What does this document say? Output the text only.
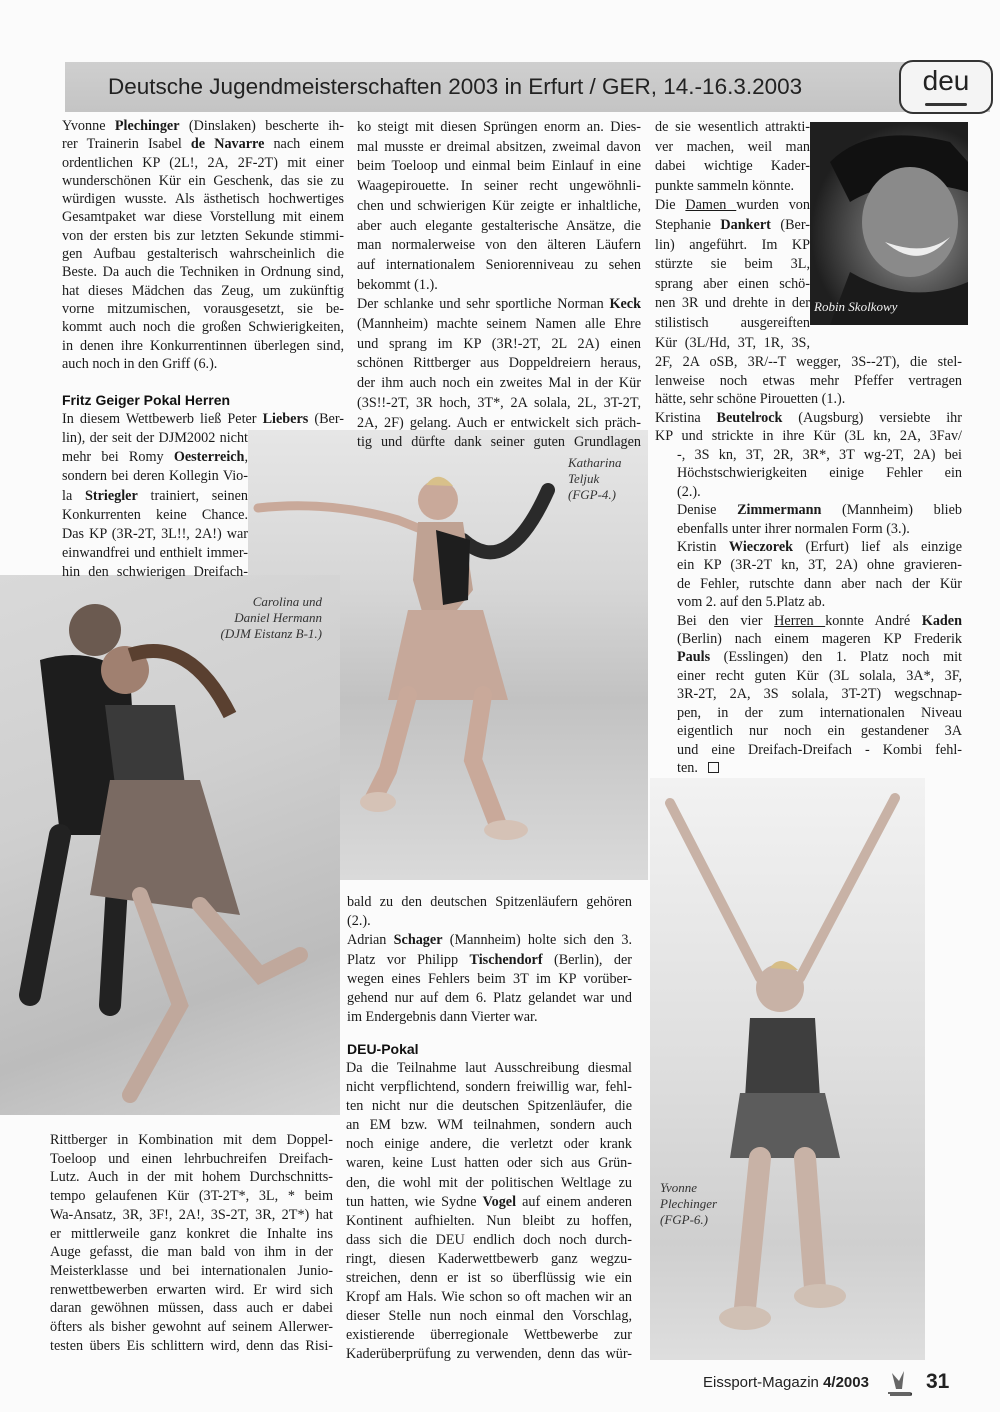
Deutsche Jugendmeisterschaften 2003 in Erfurt / GER, 14.-16.3.2003	deu
Robin Skolkowy
Katharina
Teljuk
(FGP-4.)
Carolina und
Daniel Hermann
(DJM Eistanz B-1.)
Yvonne
Plechinger
(FGP-6.)
Fritz Geiger Pokal Herren
DEU-Pokal
Yvonne Plechinger (Dinslaken) bescherte ih-
rer Trainerin Isabel de Navarre nach einem
ordentlichen KP (2L!, 2A, 2F-2T) mit einer
wunderschönen Kür ein Geschenk, das sie zu
würdigen wusste. Als ästhetisch hochwertiges
Gesamtpaket war diese Vorstellung mit einem
von der ersten bis zur letzten Sekunde stimmi-
gen Aufbau gestalterisch wahrscheinlich die
Beste. Da auch die Techniken in Ordnung sind,
hat dieses Mädchen das Zeug, um zukünftig
vorne mitzumischen, vorausgesetzt, sie be-
kommt auch noch die großen Schwierigkeiten,
in denen ihre Konkurrentinnen überlegen sind,
auch noch in den Griff (6.).
In diesem Wettbewerb ließ Peter Liebers (Ber-
lin), der seit der DJM2002 nicht
mehr bei Romy Oesterreich,
sondern bei deren Kollegin Vio-
la Striegler trainiert, seinen
Konkurrenten keine Chance.
Das KP (3R-2T, 3L!!, 2A!) war
einwandfrei und enthielt immer-
hin den schwierigen Dreifach-
Rittberger in Kombination mit dem Doppel-
Toeloop und einen lehrbuchreifen Dreifach-
Lutz. Auch in der mit hohem Durchschnitts-
tempo gelaufenen Kür (3T-2T*, 3L, * beim
Wa-Ansatz, 3R, 3F!, 2A!, 3S-2T, 3R, 2T*) hat
er mittlerweile ganz konkret die Inhalte ins
Auge gefasst, die man bald von ihm in der
Meisterklasse und bei internationalen Junio-
renwettbewerben erwarten wird. Er wird sich
daran gewöhnen müssen, dass auch er dabei
öfters als bisher gewohnt auf seinem Allerwer-
testen übers Eis schlittern wird, denn das Risi-
ko steigt mit diesen Sprüngen enorm an. Dies-
mal musste er dreimal absitzen, zweimal davon
beim Toeloop und einmal beim Einlauf in eine
Waagepirouette. In seiner recht ungewöhnli-
chen und schwierigen Kür zeigte er inhaltliche,
aber auch elegante gestalterische Ansätze, die
man normalerweise von den älteren Läufern
auf internationalem Seniorenniveau zu sehen
bekommt (1.).
Der schlanke und sehr sportliche Norman Keck
(Mannheim) machte seinem Namen alle Ehre
und sprang im KP (3R!-2T, 2L 2A) einen
schönen Rittberger aus Doppeldreiern heraus,
der ihm auch noch ein zweites Mal in der Kür
(3S!!-2T, 3R hoch, 3T*, 2A solala, 2L, 3T-2T,
2A, 2F) gelang. Auch er entwickelt sich präch-
tig und dürfte dank seiner guten Grundlagen
bald zu den deutschen Spitzenläufern gehören
(2.).
Adrian Schager (Mannheim) holte sich den 3.
Platz vor Philipp Tischendorf (Berlin), der
wegen eines Fehlers beim 3T im KP vorüber-
gehend nur auf dem 6. Platz gelandet war und
im Endergebnis dann Vierter war.
Da die Teilnahme laut Ausschreibung diesmal
nicht verpflichtend, sondern freiwillig war, fehl-
ten nicht nur die deutschen Spitzenläufer, die
an EM bzw. WM teilnahmen, sondern auch
noch einige andere, die verletzt oder krank
waren, keine Lust hatten oder sich aus Grün-
den, die wohl mit der politischen Weltlage zu
tun hatten, wie Sydne Vogel auf einem anderen
Kontinent aufhielten. Nun bleibt zu hoffen,
dass sich die DEU endlich doch noch durch-
ringt, diesen Kaderwettbewerb ganz wegzu-
streichen, denn er ist so überflüssig wie ein
Kropf am Hals. Wie schon so oft machen wir an
dieser Stelle nun noch einmal den Vorschlag,
existierende überregionale Wettbewerbe zur
Kaderüberprüfung zu verwenden, denn das wür-
de sie wesentlich attrakti-
ver machen, weil man
dabei wichtige Kader-
punkte sammeln könnte.
Die Damen wurden von
Stephanie Dankert (Ber-
lin) angeführt. Im KP
stürzte sie beim 3L,
sprang aber einen schö-
nen 3R und drehte in der
stilistisch ausgereiften
Kür (3L/Hd, 3T, 1R, 3S,
2F, 2A oSB, 3R/--T wegger, 3S--2T), die stel-
lenweise noch etwas mehr Pfeffer vertragen
hätte, sehr schöne Pirouetten (1.).
Kristina Beutelrock (Augsburg) versiebte ihr
KP und strickte in ihre Kür (3L kn, 2A, 3Fav/
-, 3S kn, 3T, 2R, 3R*, 3T wg-2T, 2A) bei
Höchstschwierigkeiten einige Fehler ein
(2.).
Denise Zimmermann (Mannheim) blieb
ebenfalls unter ihrer normalen Form (3.).
Kristin Wieczorek (Erfurt) lief als einzige
ein KP (3R-2T kn, 3T, 2A) ohne gravieren-
de Fehler, rutschte dann aber nach der Kür
vom 2. auf den 5.Platz ab.
Bei den vier Herren konnte André Kaden
(Berlin) nach einem mageren KP Frederik
Pauls (Esslingen) den 1. Platz noch mit
einer recht guten Kür (3L solala, 3A*, 3F,
3R-2T, 2A, 3S solala, 3T-2T) wegschnap-
pen, in der zum internationalen Niveau
eigentlich nur noch ein gestandener 3A
und eine Dreifach-Dreifach - Kombi fehl-
ten.
Eissport-Magazin 4/2003	31
